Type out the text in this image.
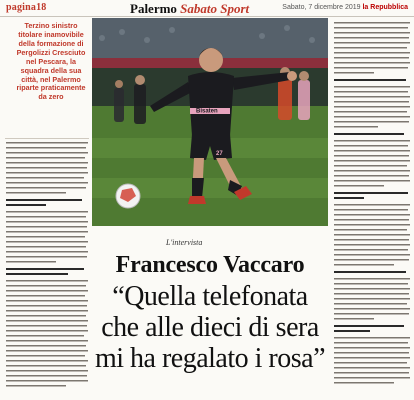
pagina18	Palermo Sabato Sport	Sabato, 7 dicembre 2019 la Repubblica
Terzino sinistro titolare inamovibile della formazione di Pergolizzi Cresciuto nel Pescara, la squadra della sua città, nel Palermo riparte praticamente da zero
Bisaten
27
L'intervista
Francesco Vaccaro
“Quella telefonata
che alle dieci di sera
mi ha regalato i rosa”
